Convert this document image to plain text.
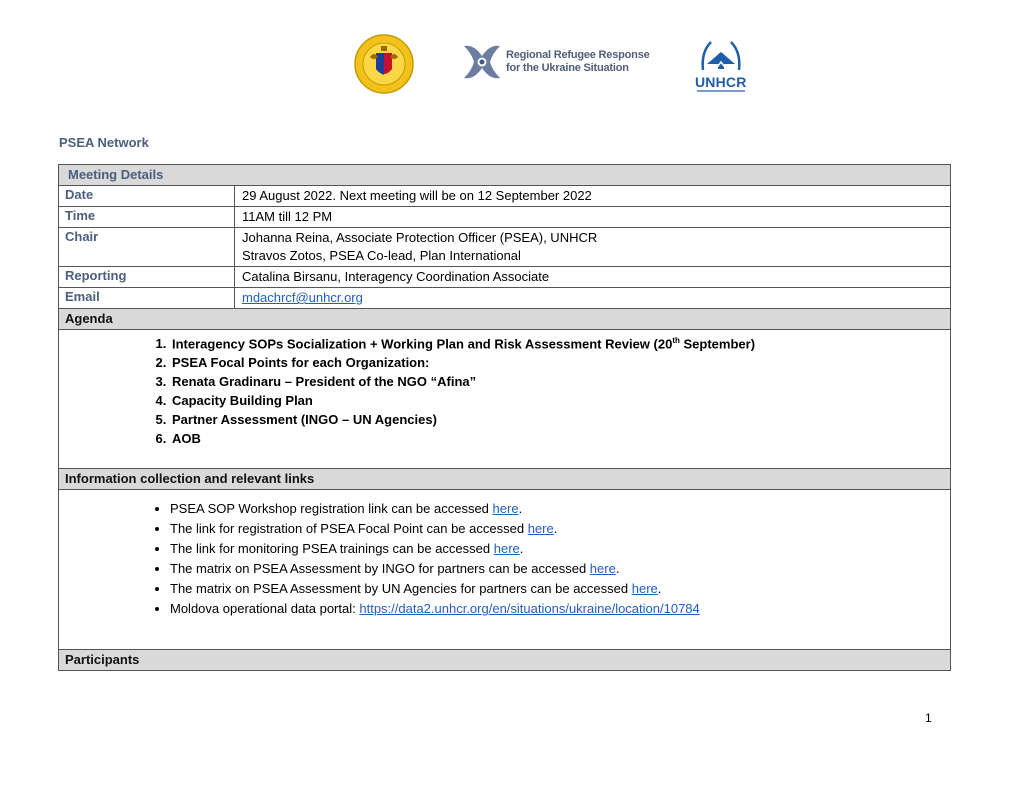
Regional Refugee Response
for the Ukraine Situation
UNHCR
PSEA Network
Meeting Details
Date	29 August 2022. Next meeting will be on 12 September 2022
Time	11AM till 12 PM
Chair	Johanna Reina, Associate Protection Officer (PSEA), UNHCR
Stravos Zotos, PSEA Co-lead, Plan International
Reporting	Catalina Birsanu, Interagency Coordination Associate
Email	mdachrcf@unhcr.org
Agenda
1. Interagency SOPs Socialization + Working Plan and Risk Assessment Review (20th September)
2. PSEA Focal Points for each Organization:
3. Renata Gradinaru – President of the NGO “Afina”
4. Capacity Building Plan
5. Partner Assessment (INGO – UN Agencies)
6. AOB
Information collection and relevant links
• PSEA SOP Workshop registration link can be accessed here.
• The link for registration of PSEA Focal Point can be accessed here.
• The link for monitoring PSEA trainings can be accessed here.
• The matrix on PSEA Assessment by INGO for partners can be accessed here.
• The matrix on PSEA Assessment by UN Agencies for partners can be accessed here.
• Moldova operational data portal: https://data2.unhcr.org/en/situations/ukraine/location/10784
Participants
1
